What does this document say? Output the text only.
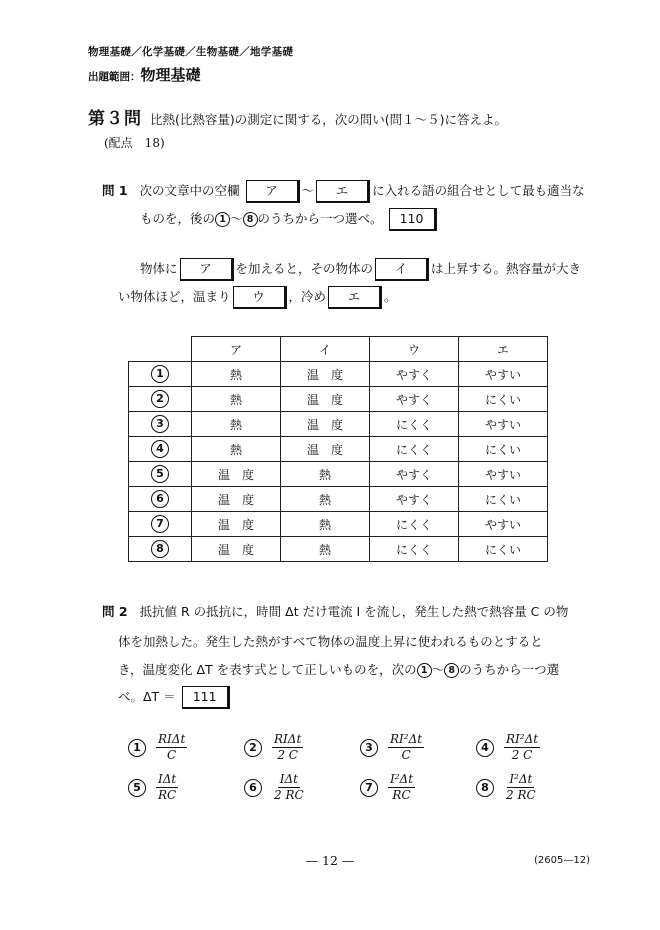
物理基礎／化学基礎／生物基礎／地学基礎
出題範囲：物理基礎
第３問 比熱(比熱容量)の測定に関する，次の問い(問１～５)に答えよ。
(配点　18)
問 1 次の文章中の空欄 ア ～ エ に入れる語の組合せとして最も適当な
ものを，後の 1 ～ 8 のうちから一つ選べ。 110
物体に ア を加えると，その物体の イ は上昇する。熱容量が大き
い物体ほど，温まり ウ ，冷め エ 。
	ア	イ	ウ	エ
1	熱	温　度	やすく	やすい
2	熱	温　度	やすく	にくい
3	熱	温　度	にくく	やすい
4	熱	温　度	にくく	にくい
5	温　度	熱	やすく	やすい
6	温　度	熱	やすく	にくい
7	温　度	熱	にくく	やすい
8	温　度	熱	にくく	にくい
問 2 抵抗値 R の抵抗に，時間 Δt だけ電流 I を流し，発生した熱で熱容量 C の物
体を加熱した。発生した熱がすべて物体の温度上昇に使われるものとすると
き，温度変化 ΔT を表す式として正しいものを，次の 1 ～ 8 のうちから一つ選
べ。ΔT ＝ 111
1	$\frac{\text{RIΔt}}{C}$	2	$\frac{\text{RIΔt}}{2 C}$	3	$\frac{\text{RI²Δt}}{C}$	4	$\frac{\text{RI²Δt}}{2 C}$
5	$\frac{\text{IΔt}}{RC}$	6	$\frac{\text{IΔt}}{2 RC}$	7	$\frac{\text{I²Δt}}{RC}$	8	$\frac{\text{I²Δt}}{2 RC}$
— 12 —	(2605—12)
